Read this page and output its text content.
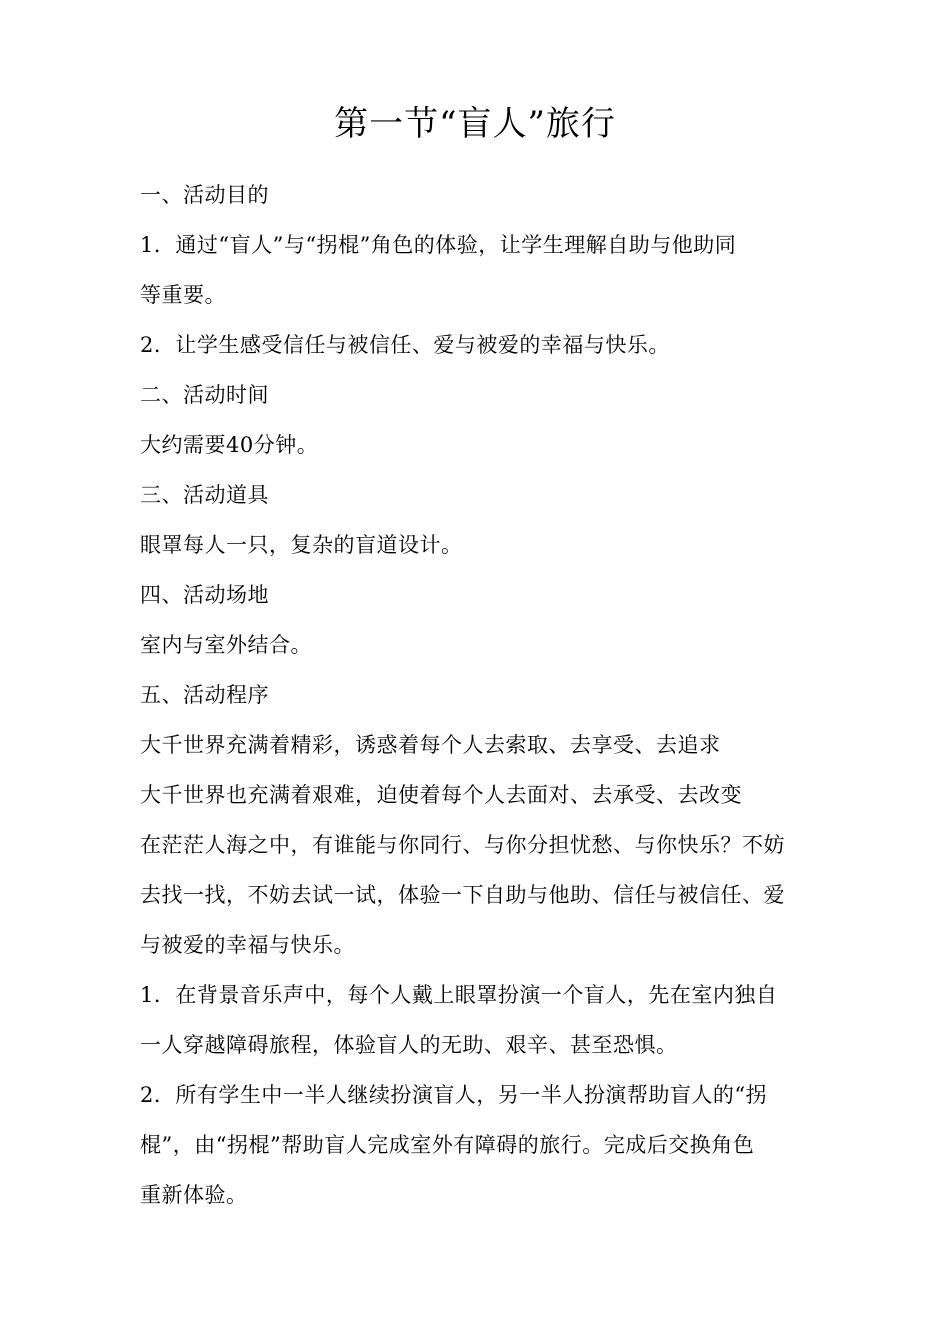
第一节“盲人”旅行
一、活动目的
1．通过“盲人”与“拐棍”角色的体验，让学生理解自助与他助同
等重要。
2．让学生感受信任与被信任、爱与被爱的幸福与快乐。
二、活动时间
大约需要40分钟。
三、活动道具
眼罩每人一只，复杂的盲道设计。
四、活动场地
室内与室外结合。
五、活动程序
大千世界充满着精彩，诱惑着每个人去索取、去享受、去追求
大千世界也充满着艰难，迫使着每个人去面对、去承受、去改变
在茫茫人海之中，有谁能与你同行、与你分担忧愁、与你快乐？不妨
去找一找，不妨去试一试，体验一下自助与他助、信任与被信任、爱
与被爱的幸福与快乐。
1．在背景音乐声中，每个人戴上眼罩扮演一个盲人，先在室内独自
一人穿越障碍旅程，体验盲人的无助、艰辛、甚至恐惧。
2．所有学生中一半人继续扮演盲人，另一半人扮演帮助盲人的“拐
棍”，由“拐棍”帮助盲人完成室外有障碍的旅行。完成后交换角色
重新体验。
